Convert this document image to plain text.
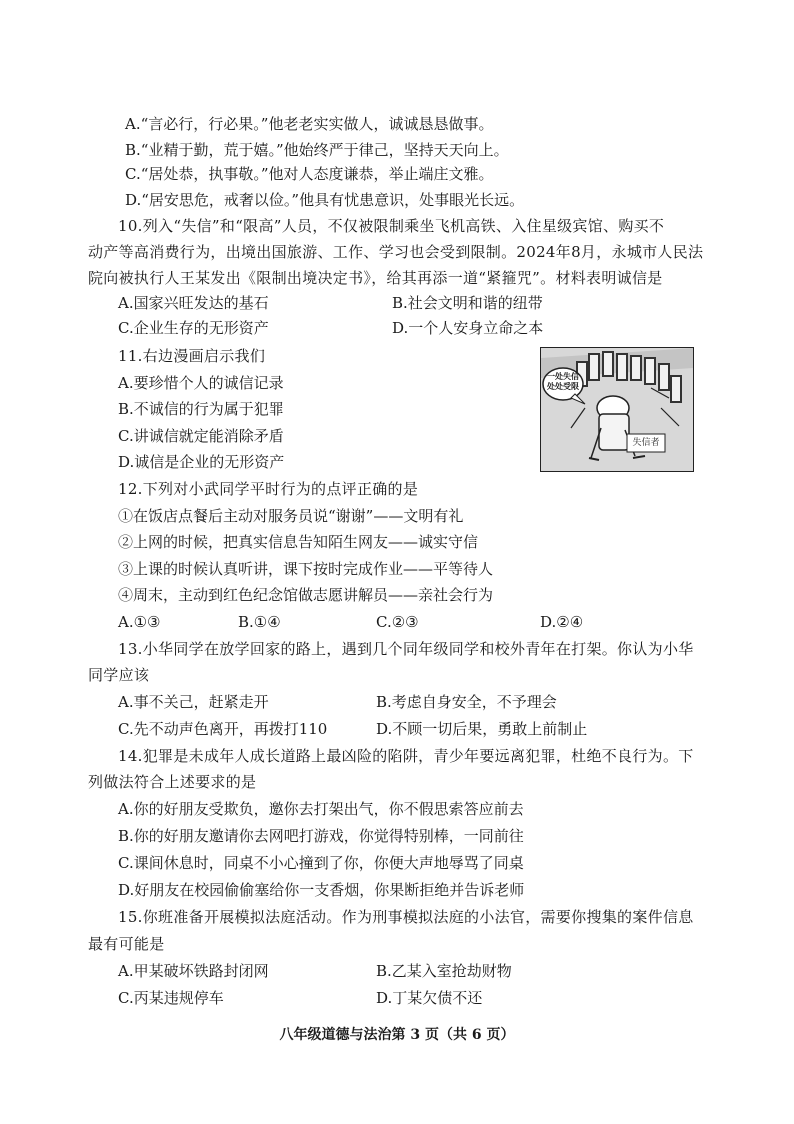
A.“言必行，行必果。”他老老实实做人，诚诚恳恳做事。
B.“业精于勤，荒于嬉。”他始终严于律己，坚持天天向上。
C.“居处恭，执事敬。”他对人态度谦恭，举止端庄文雅。
D.“居安思危，戒奢以俭。”他具有忧患意识，处事眼光长远。
10.列入“失信”和“限高”人员，不仅被限制乘坐飞机高铁、入住星级宾馆、购买不
动产等高消费行为，出境出国旅游、工作、学习也会受到限制。2024年8月，永城市人民法
院向被执行人王某发出《限制出境决定书》，给其再添一道“紧箍咒”。材料表明诚信是
A.国家兴旺发达的基石	B.社会文明和谐的纽带
C.企业生存的无形资产	D.一个人安身立命之本
11.右边漫画启示我们
A.要珍惜个人的诚信记录
B.不诚信的行为属于犯罪
C.讲诚信就定能消除矛盾
D.诚信是企业的无形资产
一处失信
处处受限
失信者
12.下列对小武同学平时行为的点评正确的是
①在饭店点餐后主动对服务员说“谢谢”——文明有礼
②上网的时候，把真实信息告知陌生网友——诚实守信
③上课的时候认真听讲，课下按时完成作业——平等待人
④周末，主动到红色纪念馆做志愿讲解员——亲社会行为
A.①③	B.①④	C.②③	D.②④
13.小华同学在放学回家的路上，遇到几个同年级同学和校外青年在打架。你认为小华
同学应该
A.事不关己，赶紧走开	B.考虑自身安全，不予理会
C.先不动声色离开，再拨打110	D.不顾一切后果，勇敢上前制止
14.犯罪是未成年人成长道路上最凶险的陷阱，青少年要远离犯罪，杜绝不良行为。下
列做法符合上述要求的是
A.你的好朋友受欺负，邀你去打架出气，你不假思索答应前去
B.你的好朋友邀请你去网吧打游戏，你觉得特别棒，一同前往
C.课间休息时，同桌不小心撞到了你，你便大声地辱骂了同桌
D.好朋友在校园偷偷塞给你一支香烟，你果断拒绝并告诉老师
15.你班准备开展模拟法庭活动。作为刑事模拟法庭的小法官，需要你搜集的案件信息
最有可能是
A.甲某破坏铁路封闭网	B.乙某入室抢劫财物
C.丙某违规停车	D.丁某欠债不还
八年级道德与法治第 3 页（共 6 页）
